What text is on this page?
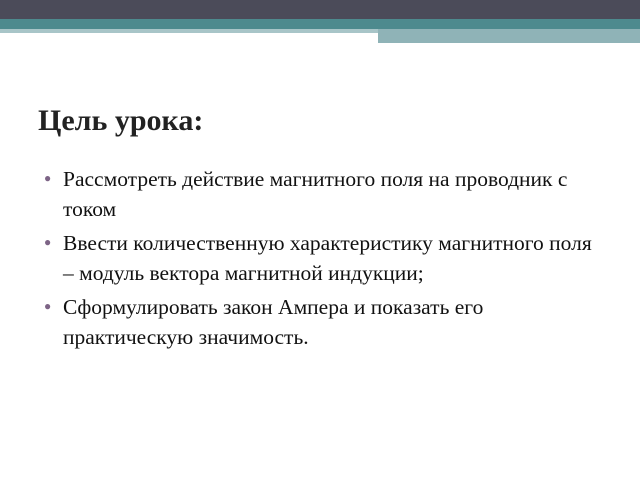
Цель урока:
●
Рассмотреть действие магнитного поля на проводник с током
●
Ввести количественную характеристику магнитного поля – модуль вектора магнитной индукции;
●
Сформулировать закон Ампера и показать его практическую значимость.
